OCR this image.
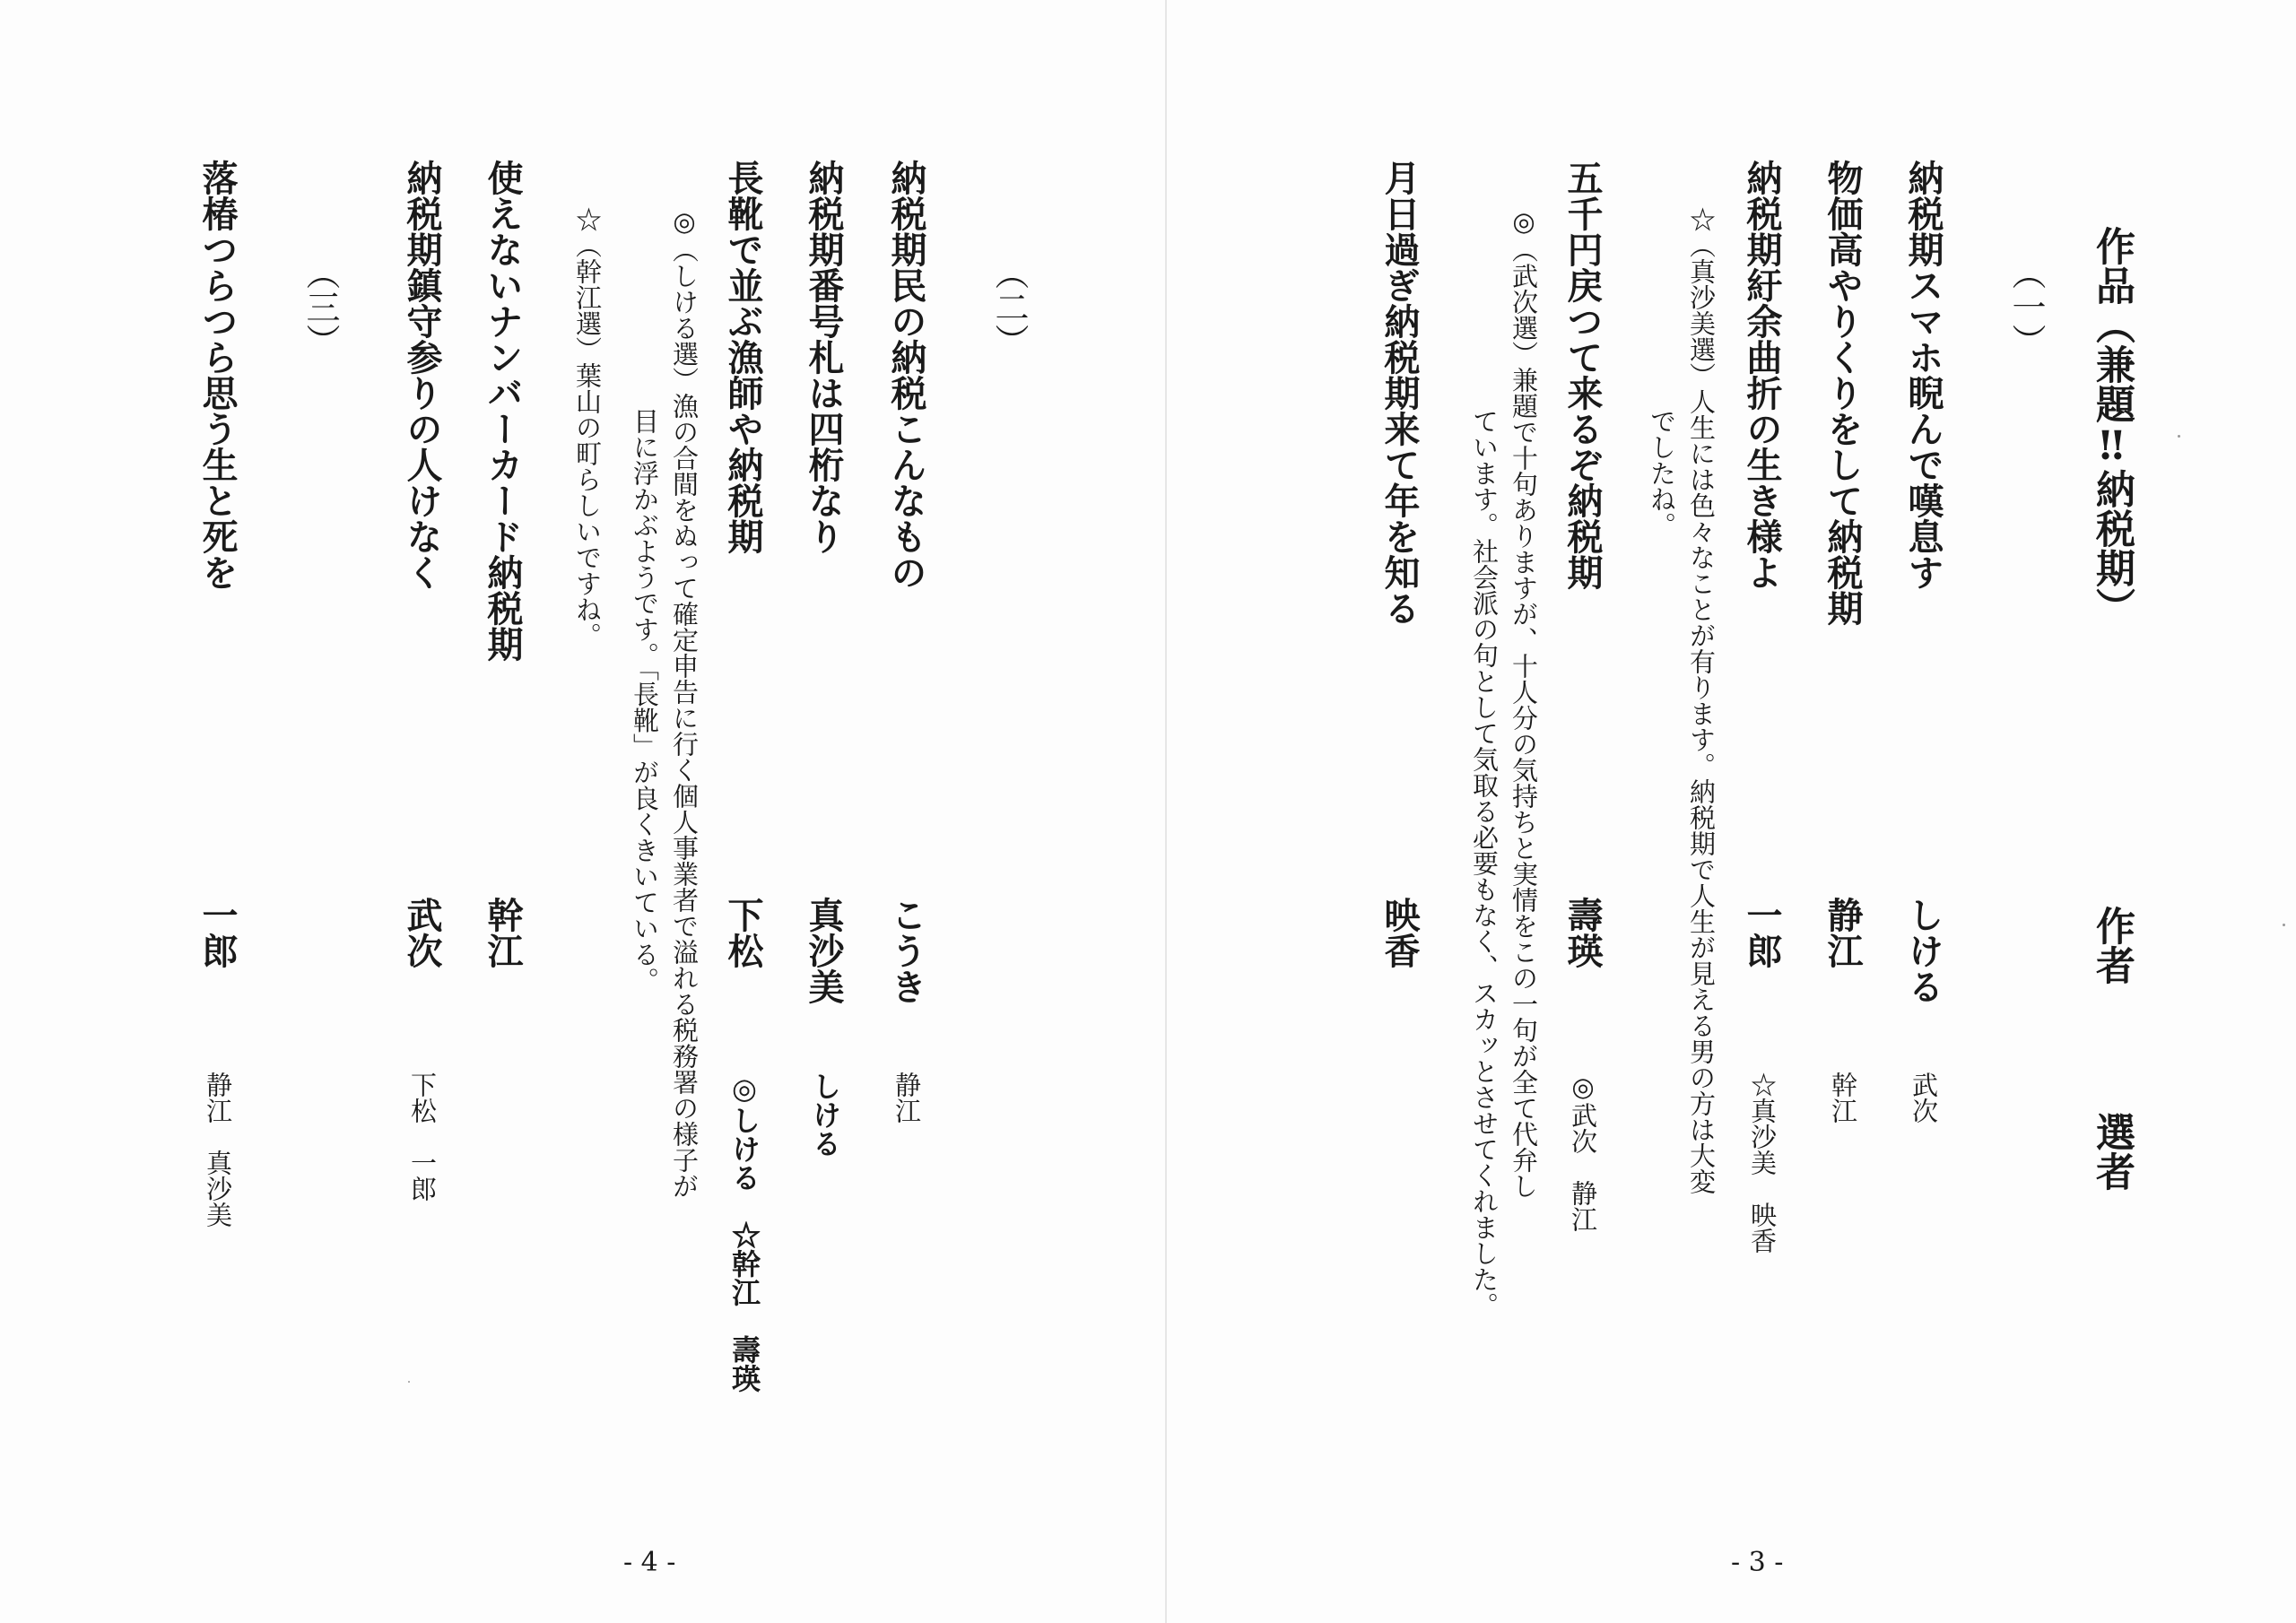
作品（兼題‼納税期）
作者
選者
（一）
納税期スマホ睨んで嘆息す
しける
武次
物価高やりくりをして納税期
静江
幹江
納税期紆余曲折の生き様よ
一郎
☆真沙美　映香
☆（真沙美選）人生には色々なことが有ります。納税期で人生が見える男の方は大変
でしたね。
五千円戻つて来るぞ納税期
壽瑛
◎武次　静江
◎（武次選）兼題で十句ありますが、十人分の気持ちと実情をこの一句が全て代弁し
ています。社会派の句として気取る必要もなく、スカッとさせてくれました。
月日過ぎ納税期来て年を知る
映香
- 3 -
（二）
納税期民の納税こんなもの
こうき
静江
納税期番号札は四桁なり
真沙美
しける
長靴で並ぶ漁師や納税期
下松
◎しける　☆幹江　壽瑛
◎（しける選）漁の合間をぬって確定申告に行く個人事業者で溢れる税務署の様子が
目に浮かぶようです。「長靴」が良くきいている。
☆（幹江選）葉山の町らしいですね。
使えないナンバーカード納税期
幹江
納税期鎮守参りの人けなく
武次
下松　一郎
（三）
落椿つらつら思う生と死を
一郎
静江　真沙美
- 4 -
